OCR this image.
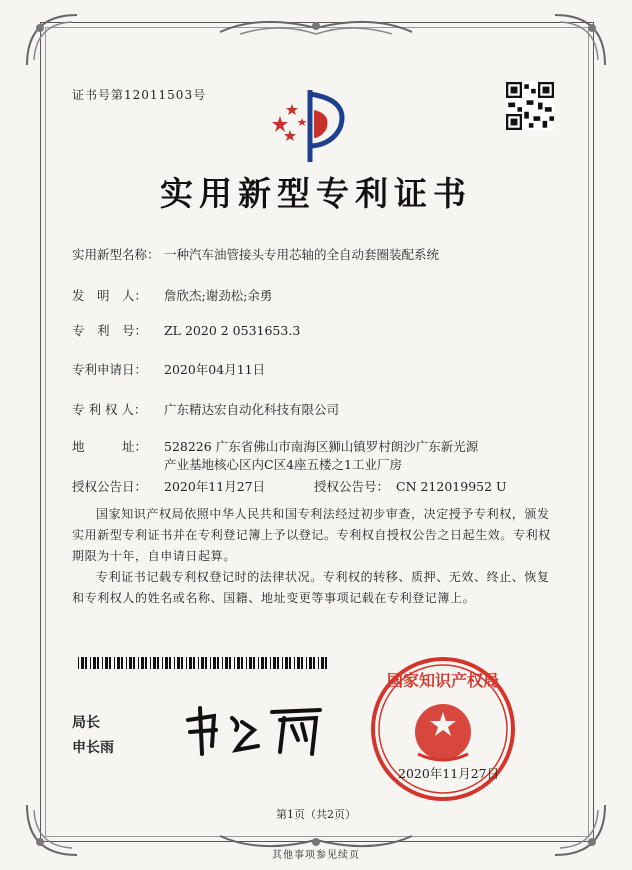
证书号第12011503号
实用新型专利证书
实用新型名称： 一种汽车油管接头专用芯轴的全自动套圈装配系统
发　明　人： 詹欣杰;谢劲松;余勇
专　利　号： ZL 2020 2 0531653.3
专利申请日： 2020年04月11日
专 利 权 人： 广东精达宏自动化科技有限公司
地　　　址： 528226 广东省佛山市南海区狮山镇罗村朗沙广东新光源
产业基地核心区内C区4座五楼之1工业厂房
授权公告日： 2020年11月27日	授权公告号： CN 212019952 U
国家知识产权局依照中华人民共和国专利法经过初步审查，决定授予专利权，颁发实用新型专利证书并在专利登记簿上予以登记。专利权自授权公告之日起生效。专利权期限为十年，自申请日起算。
专利证书记载专利权登记时的法律状况。专利权的转移、质押、无效、终止、恢复和专利权人的姓名或名称、国籍、地址变更等事项记载在专利登记簿上。
局长
申长雨
国家知识产权局
2020年11月27日
第1页（共2页）
其他事项参见续页
